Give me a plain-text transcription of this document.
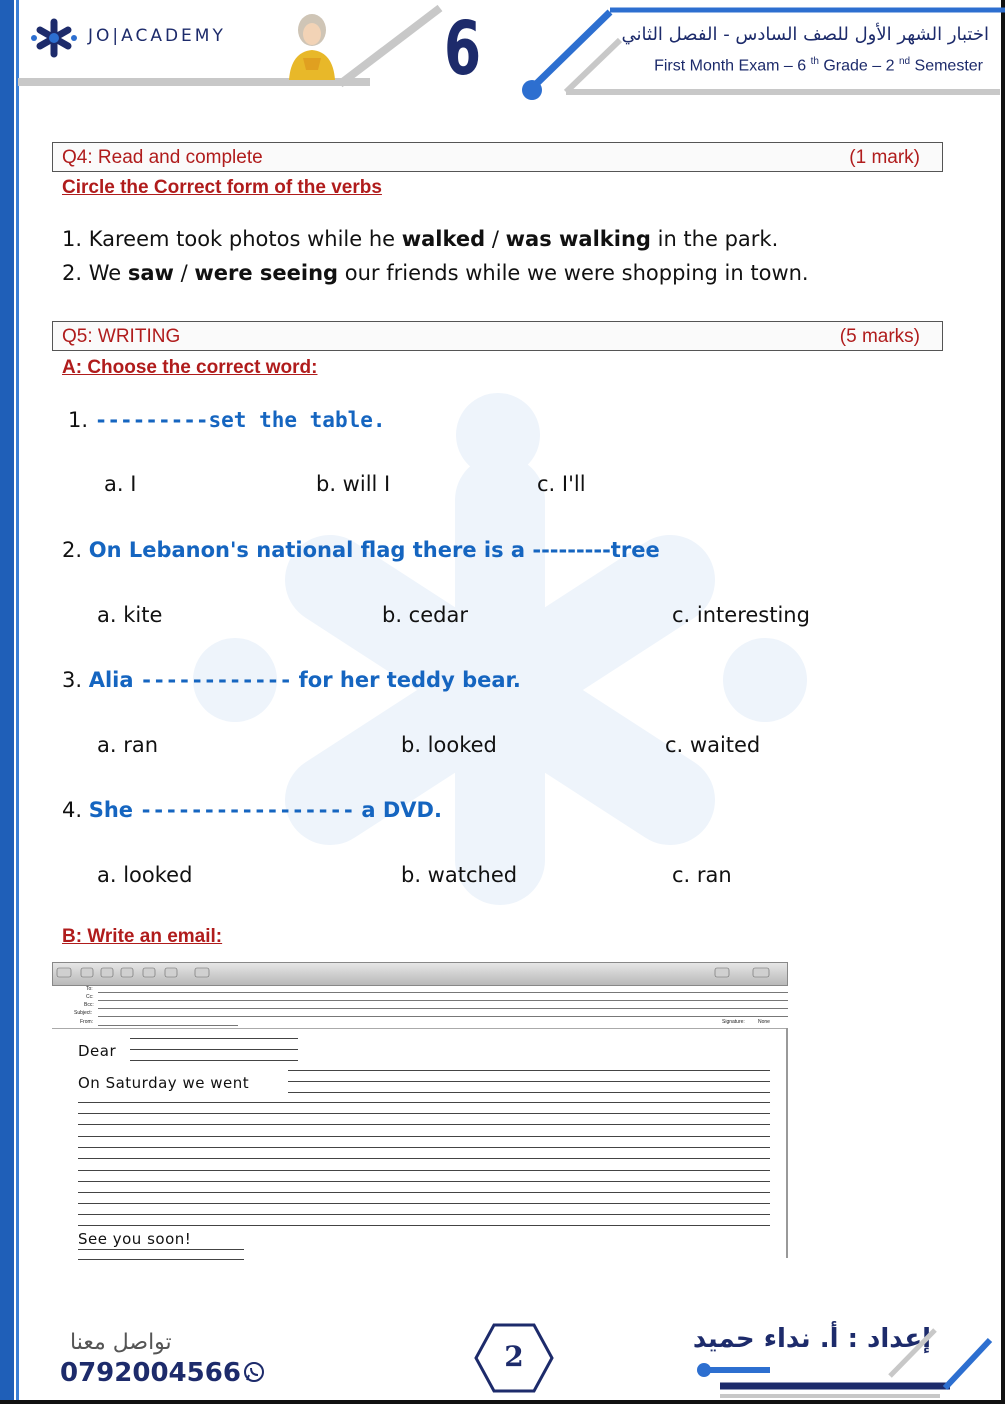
JO|ACADEMY	6	اختبار الشهر الأول للصف السادس - الفصل الثاني
First Month Exam – 6 $^{th}$ Grade – 2 $^{nd}$ Semester
Q4: Read and complete	(1 mark)
Circle the Correct form of the verbs
1. Kareem took photos while he walked / was walking in the park.
2. We saw / were seeing our friends while we were shopping in town.
Q5: WRITING	(5 marks)
A: Choose the correct word:
1. ---------set the table.
a. I	b. will I	c. I'll
2. On Lebanon's national flag there is a ---------tree
a. kite	b. cedar	c. interesting
3. Alia ------------ for her teddy bear.
a. ran	b. looked	c. waited
4. She ----------------- a DVD.
a. looked	b. watched	c. ran
B: Write an email:
To:
Cc:
Bcc:
Subject:
From:	Signature:	None
Dear
On Saturday we went
See you soon!
تواصل معنا
0792004566	2
إعداد : أ. نداء حميد
